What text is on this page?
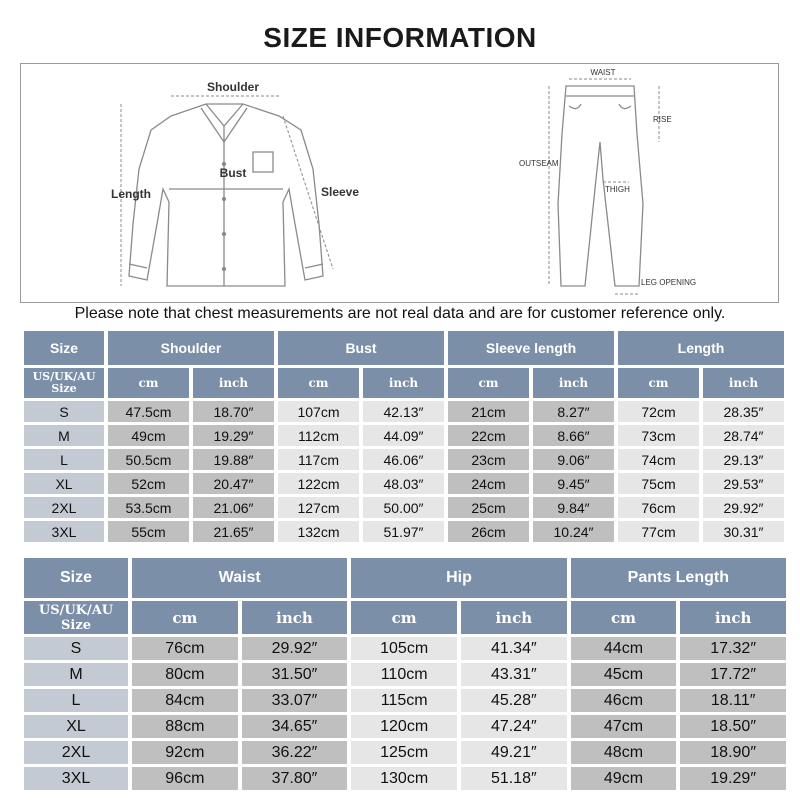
SIZE INFORMATION
Shoulder
Bust
Length	Sleeve
WAIST
RISE
OUTSEAM
THIGH
LEG OPENING
Please note that chest measurements are not real data and are for customer reference only.
Size	Shoulder		Bust		Sleeve length		Length	
US/UK/AU
Size	cm	inch	cm	inch	cm	inch	cm	inch
S	47.5cm	18.70″	107cm	42.13″	21cm	8.27″	72cm	28.35″
M	49cm	19.29″	112cm	44.09″	22cm	8.66″	73cm	28.74″
L	50.5cm	19.88″	117cm	46.06″	23cm	9.06″	74cm	29.13″
XL	52cm	20.47″	122cm	48.03″	24cm	9.45″	75cm	29.53″
2XL	53.5cm	21.06″	127cm	50.00″	25cm	9.84″	76cm	29.92″
3XL	55cm	21.65″	132cm	51.97″	26cm	10.24″	77cm	30.31″
Size	Waist		Hip		Pants Length	
US/UK/AU
Size	cm	inch	cm	inch	cm	inch
S	76cm	29.92″	105cm	41.34″	44cm	17.32″
M	80cm	31.50″	110cm	43.31″	45cm	17.72″
L	84cm	33.07″	115cm	45.28″	46cm	18.11″
XL	88cm	34.65″	120cm	47.24″	47cm	18.50″
2XL	92cm	36.22″	125cm	49.21″	48cm	18.90″
3XL	96cm	37.80″	130cm	51.18″	49cm	19.29″
